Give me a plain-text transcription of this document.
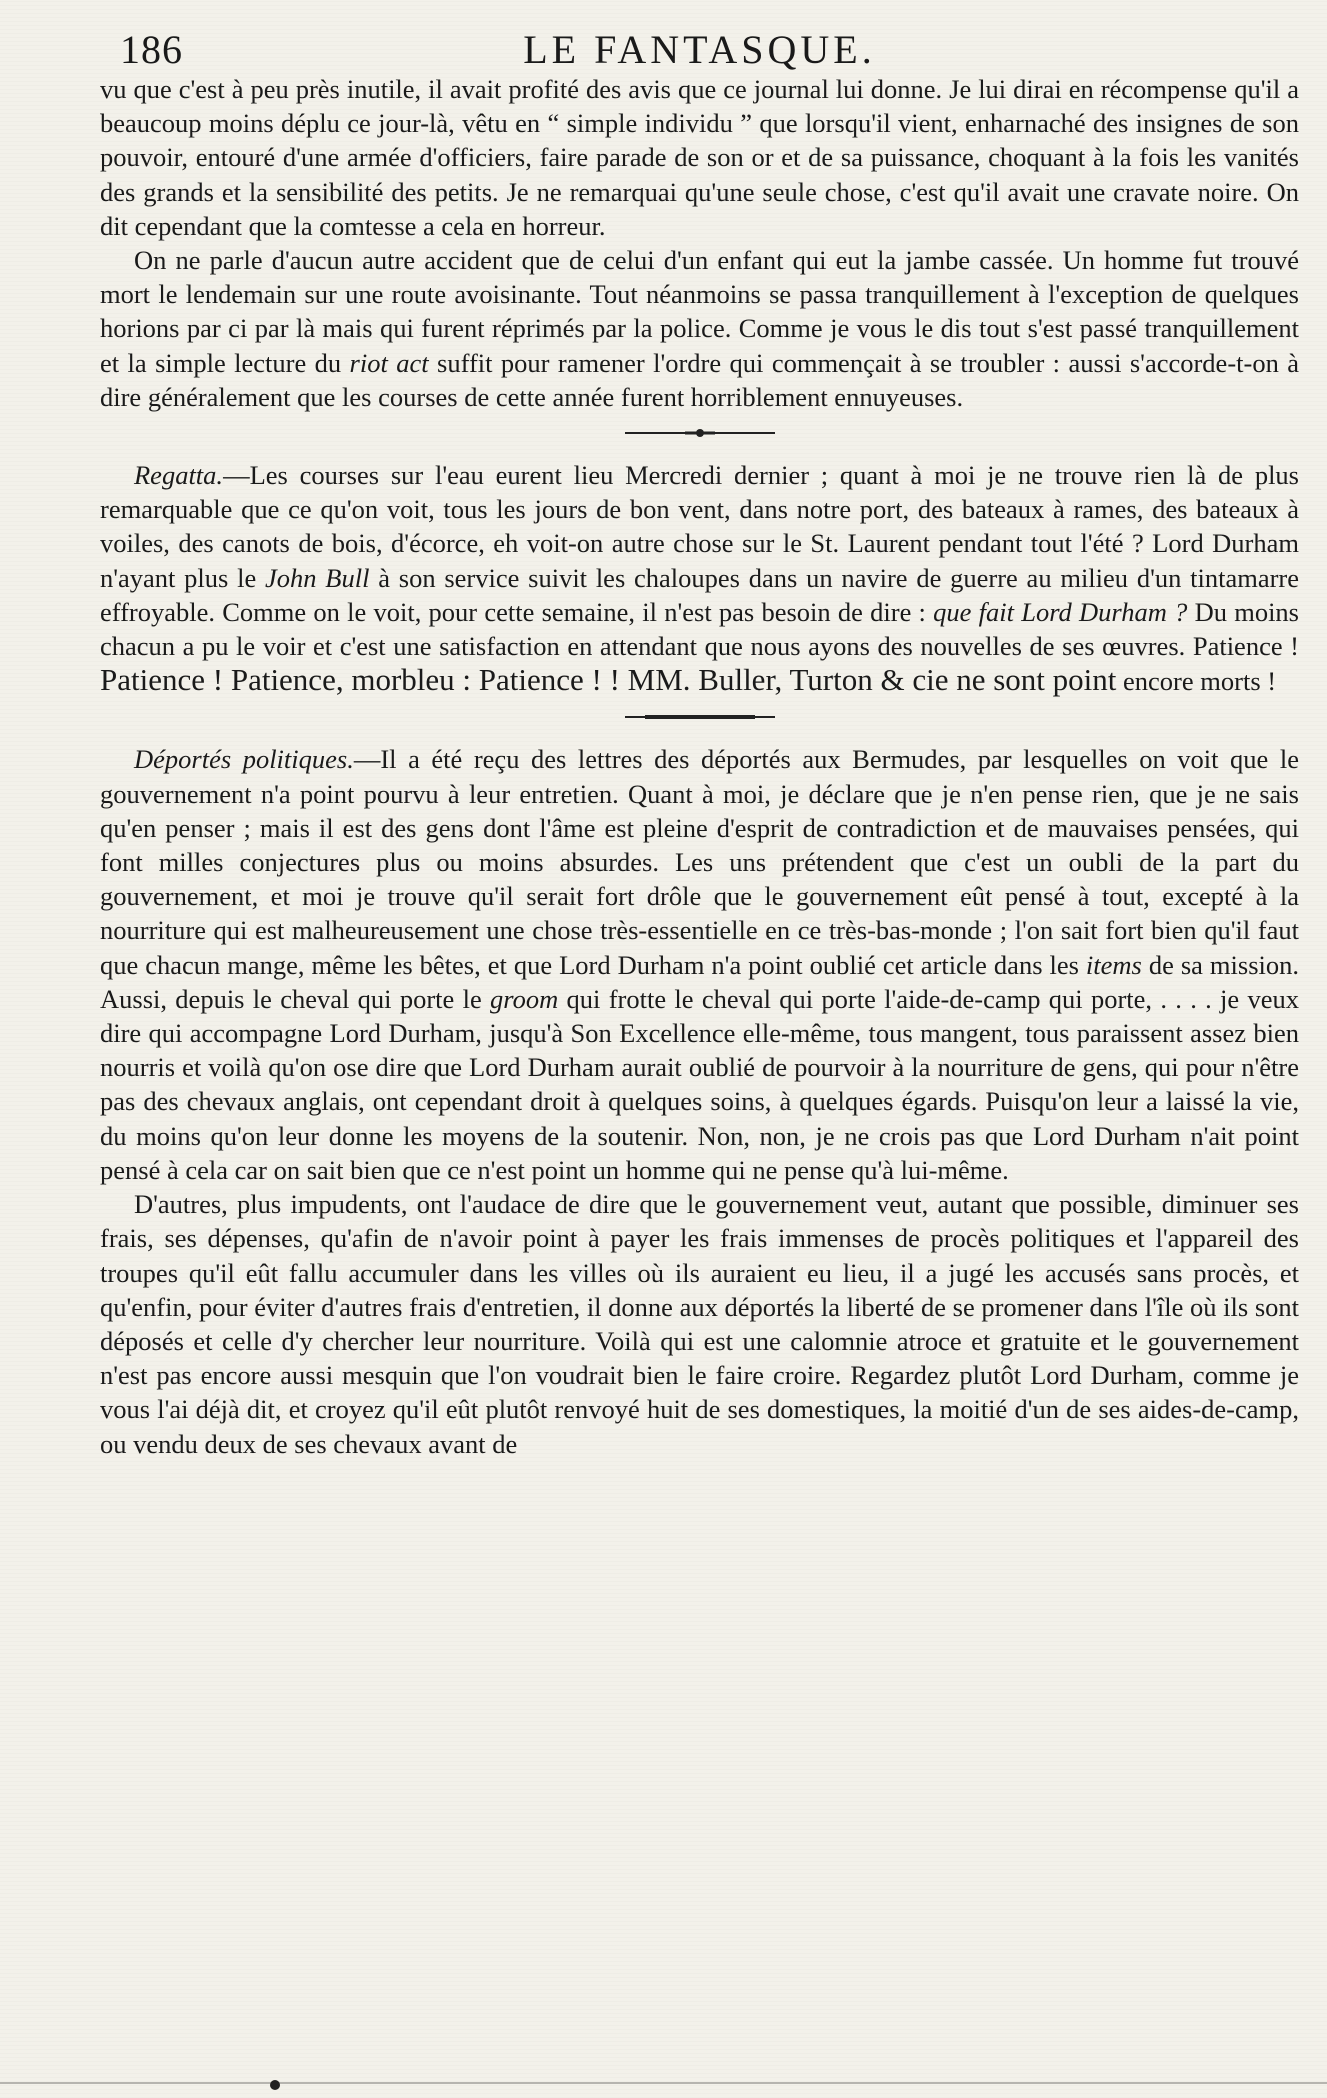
186	LE FANTASQUE.

vu que c'est à peu près inutile, il avait profité des avis que ce journal lui donne. Je lui dirai en récompense qu'il a beaucoup moins déplu ce jour-là, vêtu en “ simple individu ” que lorsqu'il vient, enharnaché des insignes de son pouvoir, entouré d'une armée d'officiers, faire parade de son or et de sa puissance, choquant à la fois les vanités des grands et la sensibilité des petits. Je ne remarquai qu'une seule chose, c'est qu'il avait une cravate noire. On dit cependant que la comtesse a cela en horreur.

On ne parle d'aucun autre accident que de celui d'un enfant qui eut la jambe cassée. Un homme fut trouvé mort le lendemain sur une route avoisinante. Tout néanmoins se passa tranquillement à l'exception de quelques horions par ci par là mais qui furent réprimés par la police. Comme je vous le dis tout s'est passé tranquillement et la simple lecture du riot act suffit pour ramener l'ordre qui commençait à se troubler : aussi s'accorde-t-on à dire généralement que les courses de cette année furent horriblement ennuyeuses.

Regatta.—Les courses sur l'eau eurent lieu Mercredi dernier ; quant à moi je ne trouve rien là de plus remarquable que ce qu'on voit, tous les jours de bon vent, dans notre port, des bateaux à rames, des bateaux à voiles, des canots de bois, d'écorce, eh voit-on autre chose sur le St. Laurent pendant tout l'été ? Lord Durham n'ayant plus le John Bull à son service suivit les chaloupes dans un navire de guerre au milieu d'un tintamarre effroyable. Comme on le voit, pour cette semaine, il n'est pas besoin de dire : que fait Lord Durham ? Du moins chacun a pu le voir et c'est une satisfaction en attendant que nous ayons des nouvelles de ses œuvres. Patience ! Patience ! Patience, morbleu : Patience ! ! MM. Buller, Turton & cie ne sont point encore morts !

Déportés politiques.—Il a été reçu des lettres des déportés aux Bermudes, par lesquelles on voit que le gouvernement n'a point pourvu à leur entretien. Quant à moi, je déclare que je n'en pense rien, que je ne sais qu'en penser ; mais il est des gens dont l'âme est pleine d'esprit de contradiction et de mauvaises pensées, qui font milles conjectures plus ou moins absurdes. Les uns prétendent que c'est un oubli de la part du gouvernement, et moi je trouve qu'il serait fort drôle que le gouvernement eût pensé à tout, excepté à la nourriture qui est malheureusement une chose très-essentielle en ce très-bas-monde ; l'on sait fort bien qu'il faut que chacun mange, même les bêtes, et que Lord Durham n'a point oublié cet article dans les items de sa mission. Aussi, depuis le cheval qui porte le groom qui frotte le cheval qui porte l'aide-de-camp qui porte, . . . . je veux dire qui accompagne Lord Durham, jusqu'à Son Excellence elle-même, tous mangent, tous paraissent assez bien nourris et voilà qu'on ose dire que Lord Durham aurait oublié de pourvoir à la nourriture de gens, qui pour n'être pas des chevaux anglais, ont cependant droit à quelques soins, à quelques égards. Puisqu'on leur a laissé la vie, du moins qu'on leur donne les moyens de la soutenir. Non, non, je ne crois pas que Lord Durham n'ait point pensé à cela car on sait bien que ce n'est point un homme qui ne pense qu'à lui-même.

D'autres, plus impudents, ont l'audace de dire que le gouvernement veut, autant que possible, diminuer ses frais, ses dépenses, qu'afin de n'avoir point à payer les frais immenses de procès politiques et l'appareil des troupes qu'il eût fallu accumuler dans les villes où ils auraient eu lieu, il a jugé les accusés sans procès, et qu'enfin, pour éviter d'autres frais d'entretien, il donne aux déportés la liberté de se promener dans l'île où ils sont déposés et celle d'y chercher leur nourriture. Voilà qui est une calomnie atroce et gratuite et le gouvernement n'est pas encore aussi mesquin que l'on voudrait bien le faire croire. Regardez plutôt Lord Durham, comme je vous l'ai déjà dit, et croyez qu'il eût plutôt renvoyé huit de ses domestiques, la moitié d'un de ses aides-de-camp, ou vendu deux de ses chevaux avant de
